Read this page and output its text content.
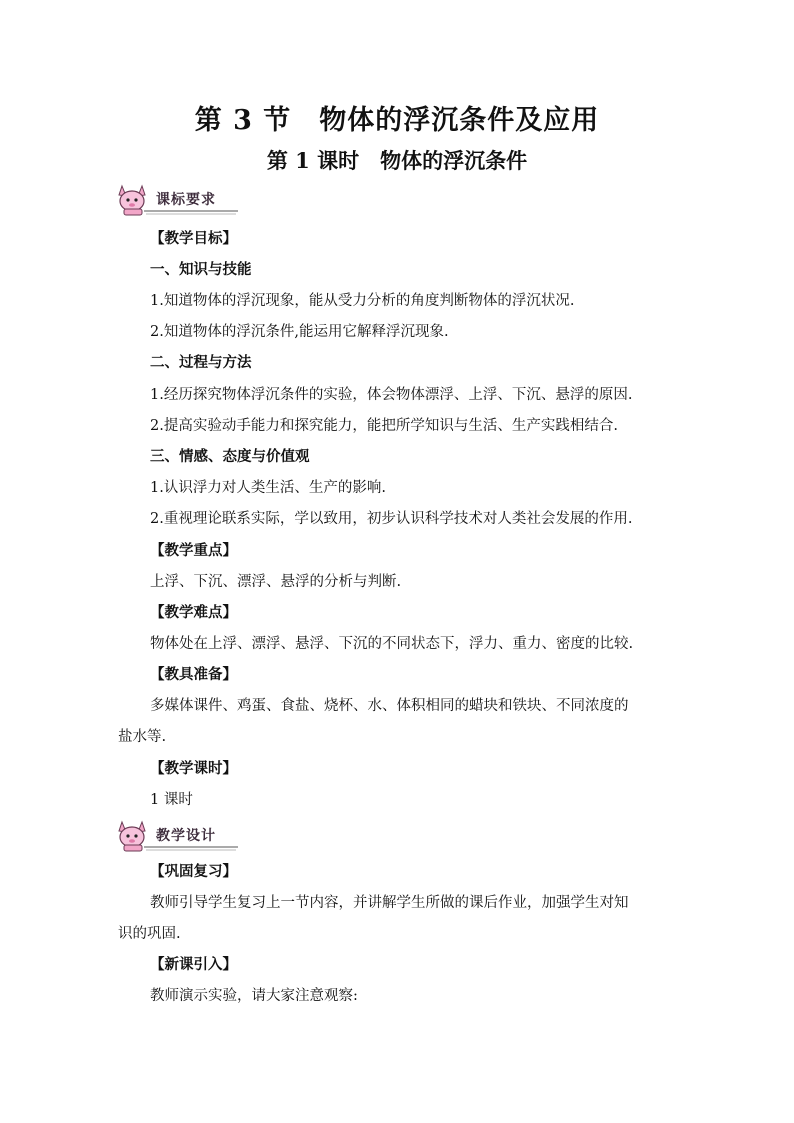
第 3 节　物体的浮沉条件及应用
第 1 课时　物体的浮沉条件
课标要求
【教学目标】
一、知识与技能
1.知道物体的浮沉现象，能从受力分析的角度判断物体的浮沉状况.
2.知道物体的浮沉条件,能运用它解释浮沉现象.
二、过程与方法
1.经历探究物体浮沉条件的实验，体会物体漂浮、上浮、下沉、悬浮的原因.
2.提高实验动手能力和探究能力，能把所学知识与生活、生产实践相结合.
三、情感、态度与价值观
1.认识浮力对人类生活、生产的影响.
2.重视理论联系实际，学以致用，初步认识科学技术对人类社会发展的作用.
【教学重点】
上浮、下沉、漂浮、悬浮的分析与判断.
【教学难点】
物体处在上浮、漂浮、悬浮、下沉的不同状态下，浮力、重力、密度的比较.
【教具准备】
多媒体课件、鸡蛋、食盐、烧杯、水、体积相同的蜡块和铁块、不同浓度的
盐水等.
【教学课时】
1 课时
教学设计
【巩固复习】
教师引导学生复习上一节内容，并讲解学生所做的课后作业，加强学生对知
识的巩固.
【新课引入】
教师演示实验，请大家注意观察:
